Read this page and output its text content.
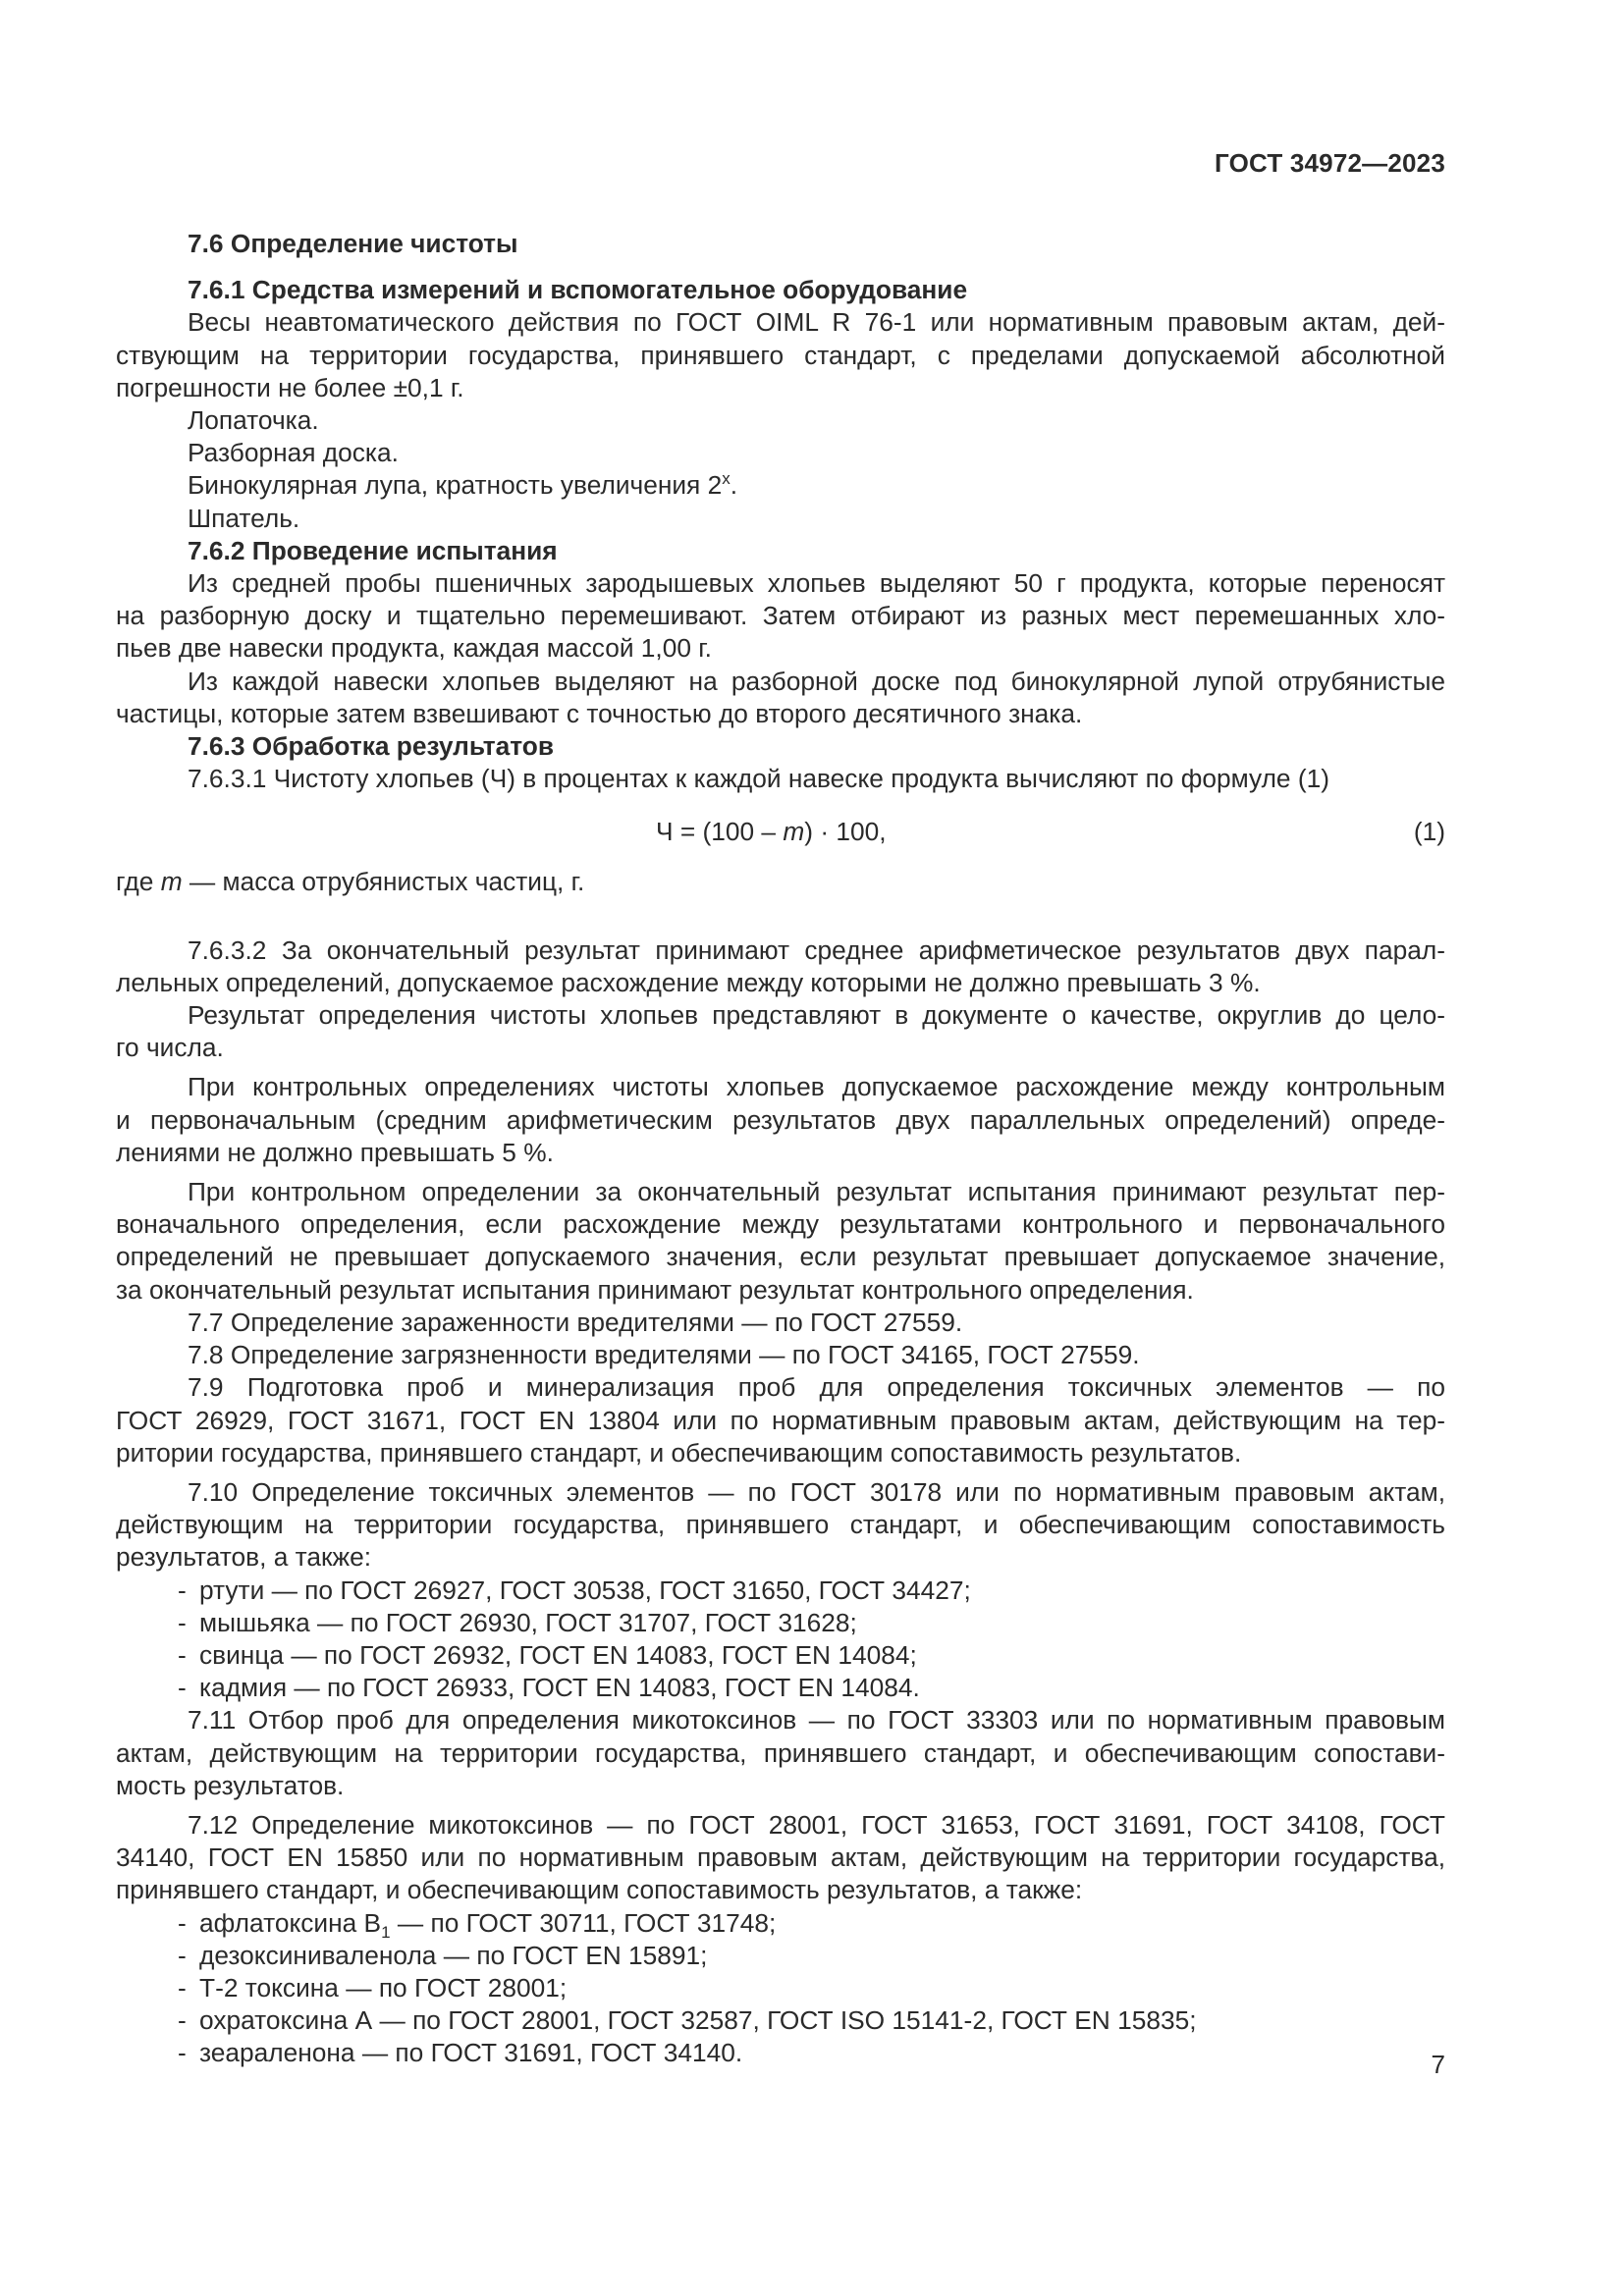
ГОСТ 34972—2023

7.6 Определение чистоты

7.6.1 Средства измерений и вспомогательное оборудование

Весы неавтоматического действия по ГОСТ OIML R 76-1 или нормативным правовым актам, дей-

ствующим на территории государства, принявшего стандарт, с пределами допускаемой абсолютной

погрешности не более ±0,1 г.

Лопаточка.

Разборная доска.

Бинокулярная лупа, кратность увеличения 2$^x$.

Шпатель.

7.6.2 Проведение испытания

Из средней пробы пшеничных зародышевых хлопьев выделяют 50 г продукта, которые переносят

на разборную доску и тщательно перемешивают. Затем отбирают из разных мест перемешанных хло-

пьев две навески продукта, каждая массой 1,00 г.

Из каждой навески хлопьев выделяют на разборной доске под бинокулярной лупой отрубянистые

частицы, которые затем взвешивают с точностью до второго десятичного знака.

7.6.3 Обработка результатов

7.6.3.1 Чистоту хлопьев (Ч) в процентах к каждой навеске продукта вычисляют по формуле (1)

Ч = (100 – m) · 100,	(1)

где m — масса отрубянистых частиц, г.

7.6.3.2 За окончательный результат принимают среднее арифметическое результатов двух парал-

лельных определений, допускаемое расхождение между которыми не должно превышать 3 %.

Результат определения чистоты хлопьев представляют в документе о качестве, округлив до цело-

го числа.

При контрольных определениях чистоты хлопьев допускаемое расхождение между контрольным

и первоначальным (средним арифметическим результатов двух параллельных определений) опреде-

лениями не должно превышать 5 %.

При контрольном определении за окончательный результат испытания принимают результат пер-

воначального определения, если расхождение между результатами контрольного и первоначального

определений не превышает допускаемого значения, если результат превышает допускаемое значение,

за окончательный результат испытания принимают результат контрольного определения.

7.7 Определение зараженности вредителями — по ГОСТ 27559.

7.8 Определение загрязненности вредителями — по ГОСТ 34165, ГОСТ 27559.

7.9 Подготовка проб и минерализация проб для определения токсичных элементов — по

ГОСТ 26929, ГОСТ 31671, ГОСТ EN 13804 или по нормативным правовым актам, действующим на тер-

ритории государства, принявшего стандарт, и обеспечивающим сопоставимость результатов.

7.10 Определение токсичных элементов — по ГОСТ 30178 или по нормативным правовым актам,

действующим на территории государства, принявшего стандарт, и обеспечивающим сопоставимость

результатов, а также:

- ртути — по ГОСТ 26927, ГОСТ 30538, ГОСТ 31650, ГОСТ 34427;

- мышьяка — по ГОСТ 26930, ГОСТ 31707, ГОСТ 31628;

- свинца — по ГОСТ 26932, ГОСТ EN 14083, ГОСТ EN 14084;

- кадмия — по ГОСТ 26933, ГОСТ EN 14083, ГОСТ EN 14084.

7.11 Отбор проб для определения микотоксинов — по ГОСТ 33303 или по нормативным правовым

актам, действующим на территории государства, принявшего стандарт, и обеспечивающим сопостави-

мость результатов.

7.12 Определение микотоксинов — по ГОСТ 28001, ГОСТ 31653, ГОСТ 31691, ГОСТ 34108, ГОСТ

34140, ГОСТ EN 15850 или по нормативным правовым актам, действующим на территории государства,

принявшего стандарт, и обеспечивающим сопоставимость результатов, а также:

- афлатоксина $B_1$ — по ГОСТ 30711, ГОСТ 31748;

- дезоксиниваленола — по ГОСТ EN 15891;

- Т-2 токсина — по ГОСТ 28001;

- охратоксина А — по ГОСТ 28001, ГОСТ 32587, ГОСТ ISO 15141-2, ГОСТ EN 15835;

- зеараленона — по ГОСТ 31691, ГОСТ 34140.	7
